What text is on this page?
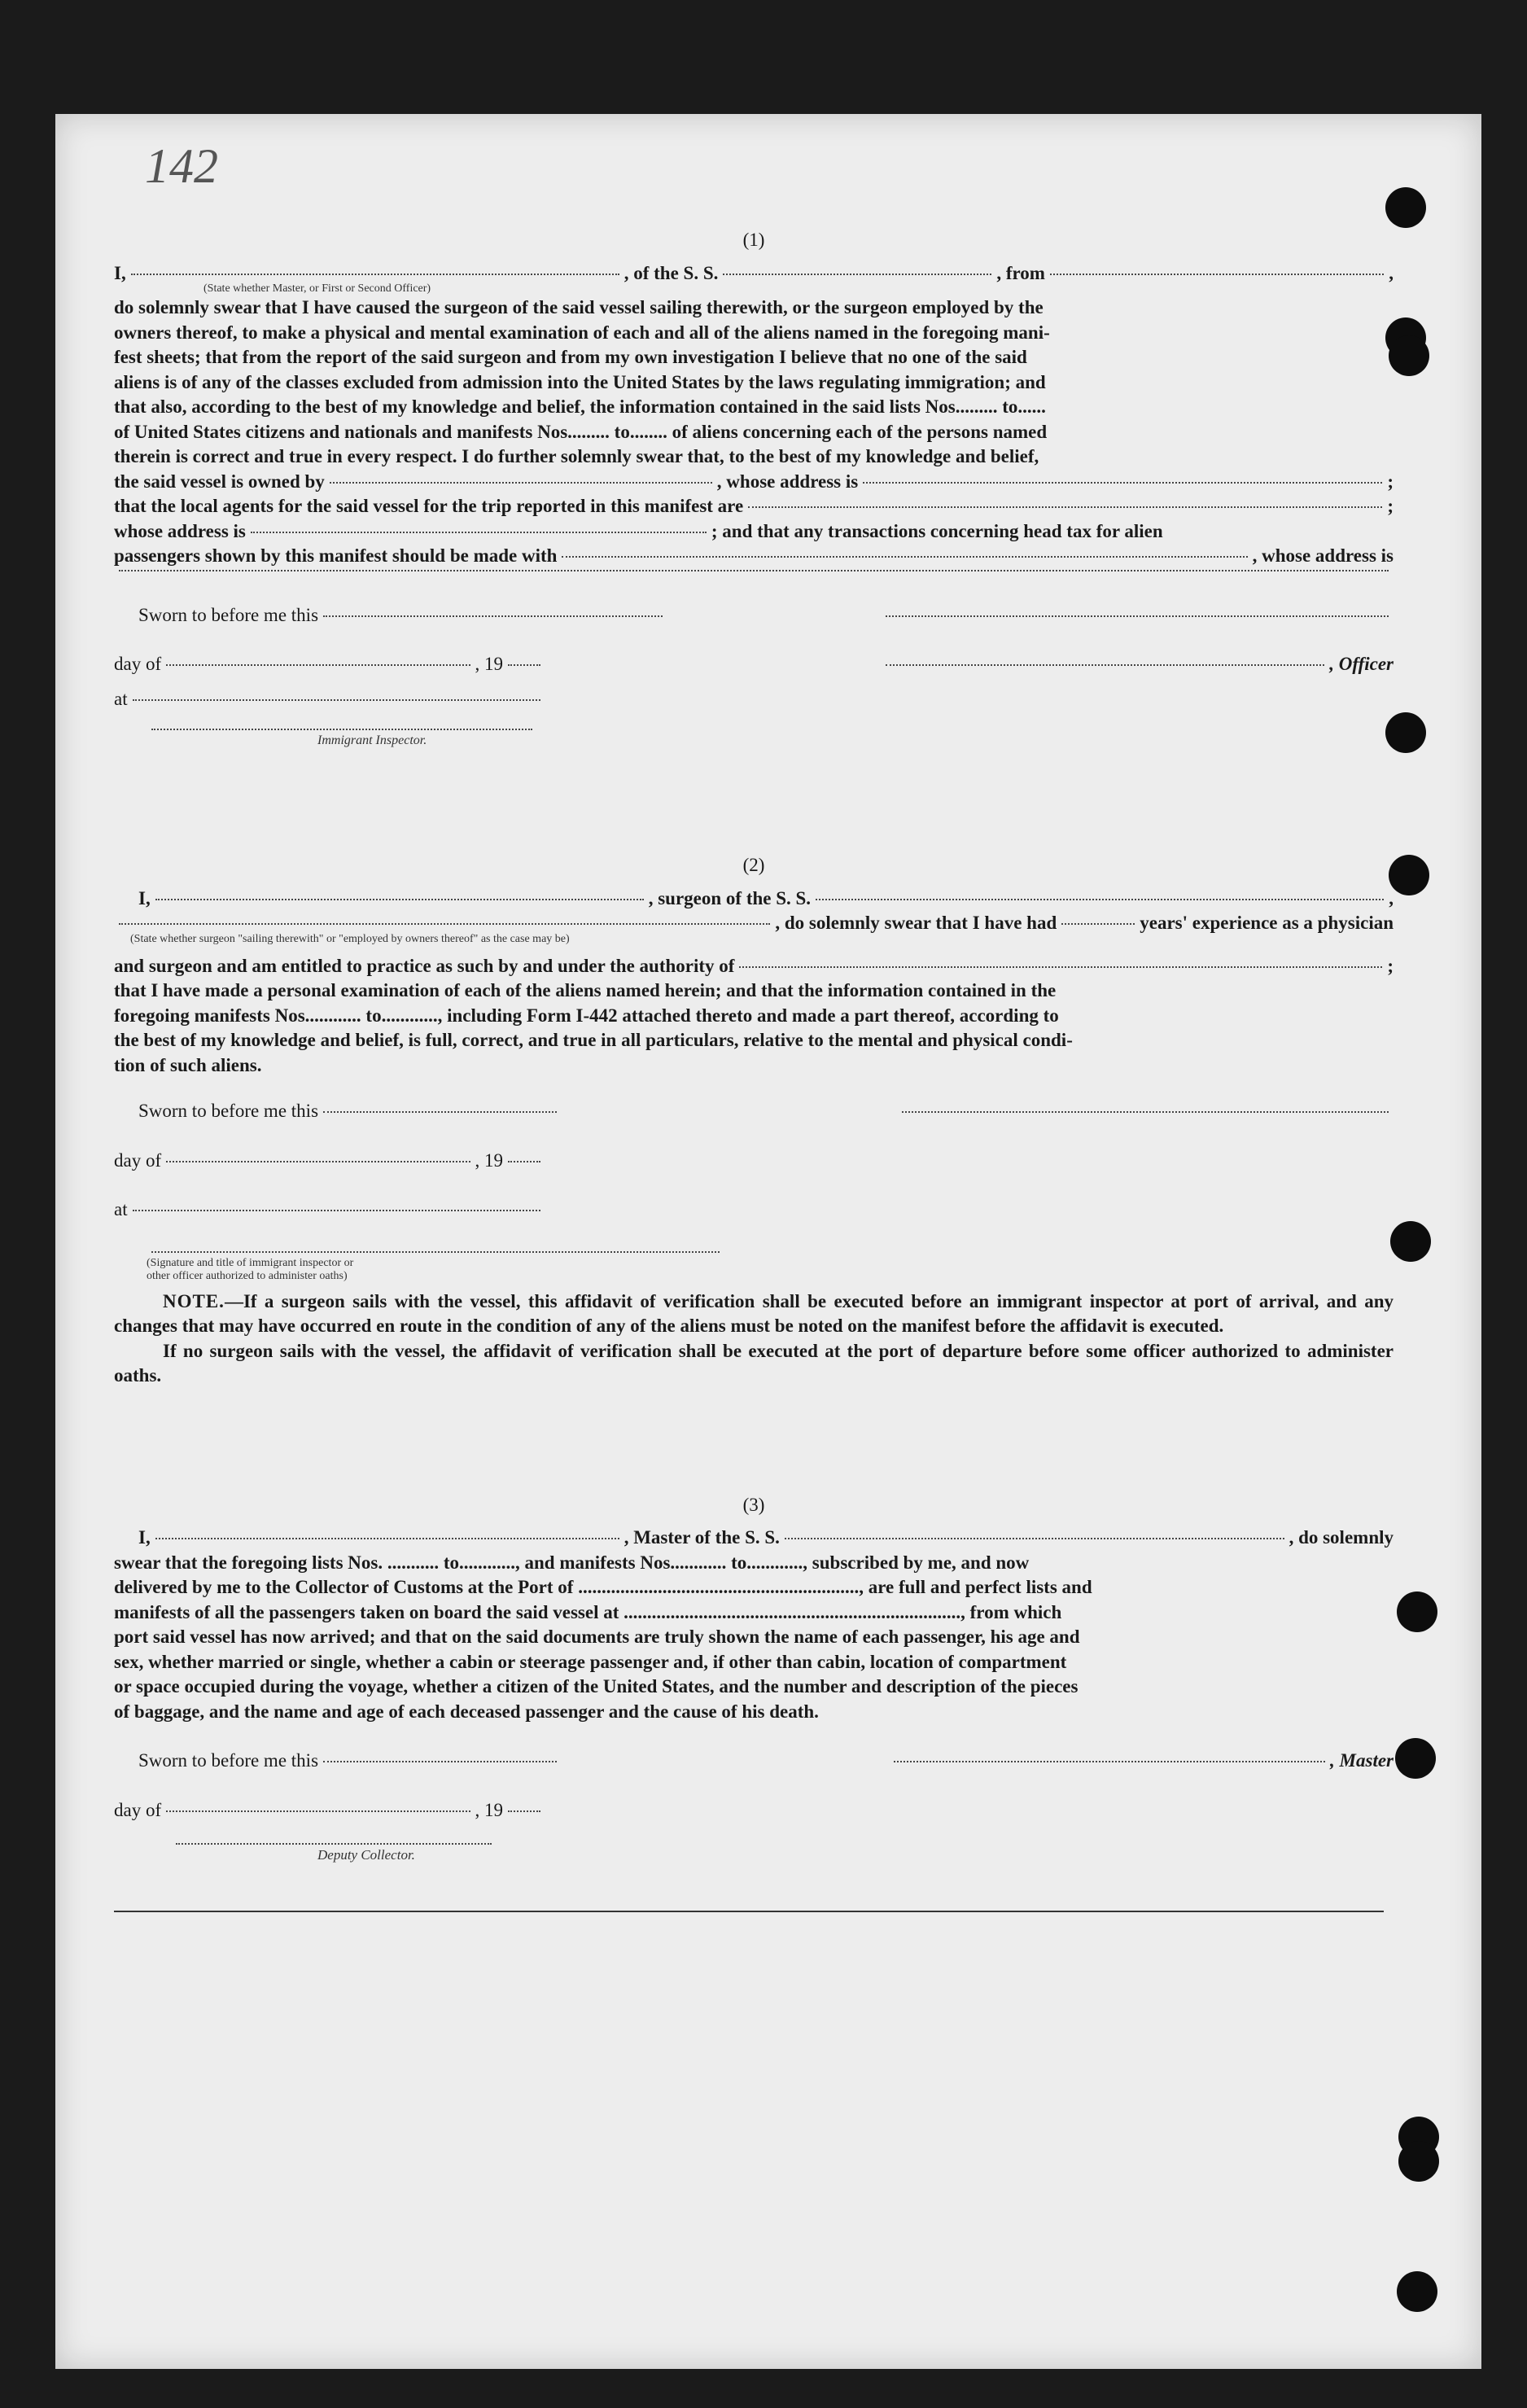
142

(1)
I,	, of the S. S.	, from	,
(State whether Master, or First or Second Officer)

do solemnly swear that I have caused the surgeon of the said vessel sailing therewith, or the surgeon employed by the

owners thereof, to make a physical and mental examination of each and all of the aliens named in the foregoing mani-

fest sheets; that from the report of the said surgeon and from my own investigation I believe that no one of the said

aliens is of any of the classes excluded from admission into the United States by the laws regulating immigration; and

that also, according to the best of my knowledge and belief, the information contained in the said lists Nos......... to......

of United States citizens and nationals and manifests Nos......... to........ of aliens concerning each of the persons named

therein is correct and true in every respect. I do further solemnly swear that, to the best of my knowledge and belief,

the said vessel is owned by	, whose address is	;
that the local agents for the said vessel for the trip reported in this manifest are	;
whose address is	; and that any transactions concerning head tax for alien
passengers shown by this manifest should be made with	, whose address is
Sworn to before me this
day of	, 19	, Officer
at
Immigrant Inspector.
(2)
I,	, surgeon of the S. S.	,
, do solemnly swear that I have had	years' experience as a physician
(State whether surgeon "sailing therewith" or "employed by owners thereof" as the case may be)
and surgeon and am entitled to practice as such by and under the authority of	;

that I have made a personal examination of each of the aliens named herein; and that the information contained in the

foregoing manifests Nos............ to............, including Form I-442 attached thereto and made a part thereof, according to

the best of my knowledge and belief, is full, correct, and true in all particulars, relative to the mental and physical condi-

tion of such aliens.

Sworn to before me this
day of	, 19
at
(Signature and title of immigrant inspector or
other officer authorized to administer oaths)

NOTE.—If a surgeon sails with the vessel, this affidavit of verification shall be executed before an immigrant inspector at port of arrival, and any changes that may have occurred en route in the condition of any of the aliens must be noted on the manifest before the affidavit is executed.

If no surgeon sails with the vessel, the affidavit of verification shall be executed at the port of departure before some officer authorized to administer oaths.

(3)
I,	, Master of the S. S.	, do solemnly

swear that the foregoing lists Nos. ........... to............, and manifests Nos............ to............, subscribed by me, and now

delivered by me to the Collector of Customs at the Port of ............................................................, are full and perfect lists and

manifests of all the passengers taken on board the said vessel at ........................................................................, from which

port said vessel has now arrived; and that on the said documents are truly shown the name of each passenger, his age and

sex, whether married or single, whether a cabin or steerage passenger and, if other than cabin, location of compartment

or space occupied during the voyage, whether a citizen of the United States, and the number and description of the pieces

of baggage, and the name and age of each deceased passenger and the cause of his death.

Sworn to before me this	, Master
day of	, 19
Deputy Collector.
